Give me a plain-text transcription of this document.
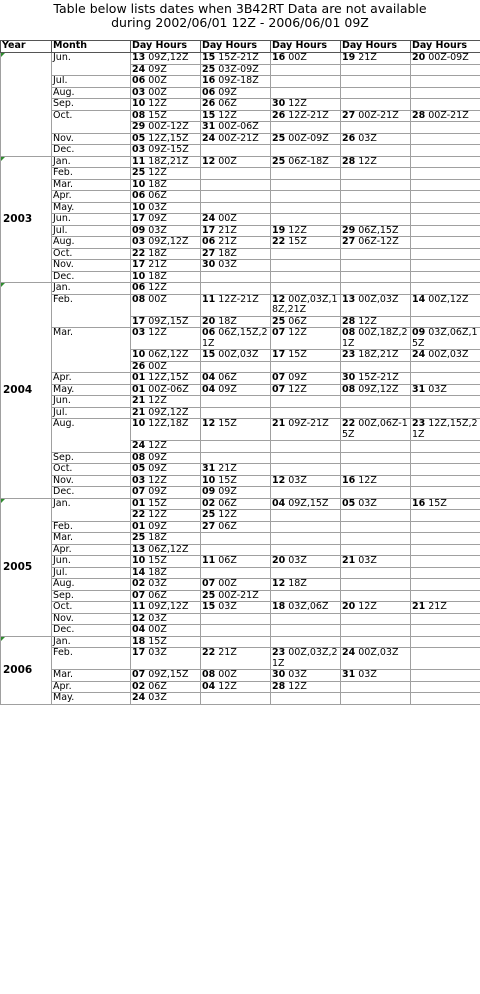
Table below lists dates when 3B42RT Data are not available
during 2002/06/01 12Z - 2006/06/01 09Z
Year	Month	Day Hours	Day Hours	Day Hours	Day Hours	Day Hours

	Jun.	13 09Z,12Z	15 15Z-21Z	16 00Z	19 21Z	20 00Z-09Z
		24 09Z	25 03Z-09Z			
	Jul.	06 00Z	16 09Z-18Z			
	Aug.	03 00Z	06 09Z			
	Sep.	10 12Z	26 06Z	30 12Z		
	Oct.	08 15Z	15 12Z	26 12Z-21Z	27 00Z-21Z	28 00Z-21Z
		29 00Z-12Z	31 00Z-06Z			
	Nov.	05 12Z,15Z	24 00Z-21Z	25 00Z-09Z	26 03Z	
	Dec.	03 09Z-15Z				

2003	Jan.	11 18Z,21Z	12 00Z	25 06Z-18Z	28 12Z	
	Feb.	25 12Z				
	Mar.	10 18Z				
	Apr.	06 06Z				
	May.	10 03Z				
	Jun.	17 09Z	24 00Z			
	Jul.	09 03Z	17 21Z	19 12Z	29 06Z,15Z	
	Aug.	03 09Z,12Z	06 21Z	22 15Z	27 06Z-12Z	
	Oct.	22 18Z	27 18Z			
	Nov.	17 21Z	30 03Z			
	Dec.	10 18Z				

2004	Jan.	06 12Z				
	Feb.	08 00Z	11 12Z-21Z	12 00Z,03Z,18Z,21Z	13 00Z,03Z	14 00Z,12Z
		17 09Z,15Z	20 18Z	25 06Z	28 12Z	
	Mar.	03 12Z	06 06Z,15Z,21Z	07 12Z	08 00Z,18Z,21Z	09 03Z,06Z,15Z
		10 06Z,12Z	15 00Z,03Z	17 15Z	23 18Z,21Z	24 00Z,03Z
		26 00Z				
	Apr.	01 12Z,15Z	04 06Z	07 09Z	30 15Z-21Z	
	May.	01 00Z-06Z	04 09Z	07 12Z	08 09Z,12Z	31 03Z
	Jun.	21 12Z				
	Jul.	21 09Z,12Z				
	Aug.	10 12Z,18Z	12 15Z	21 09Z-21Z	22 00Z,06Z-15Z	23 12Z,15Z,21Z
		24 12Z				
	Sep.	08 09Z				
	Oct.	05 09Z	31 21Z			
	Nov.	03 12Z	10 15Z	12 03Z	16 12Z	
	Dec.	07 09Z	09 09Z			

2005	Jan.	01 15Z	02 06Z	04 09Z,15Z	05 03Z	16 15Z
		22 12Z	25 12Z			
	Feb.	01 09Z	27 06Z			
	Mar.	25 18Z				
	Apr.	13 06Z,12Z				
	Jun.	10 15Z	11 06Z	20 03Z	21 03Z	
	Jul.	14 18Z				
	Aug.	02 03Z	07 00Z	12 18Z		
	Sep.	07 06Z	25 00Z-21Z			
	Oct.	11 09Z,12Z	15 03Z	18 03Z,06Z	20 12Z	21 21Z
	Nov.	12 03Z				
	Dec.	04 00Z				

2006	Jan.	18 15Z				
	Feb.	17 03Z	22 21Z	23 00Z,03Z,21Z	24 00Z,03Z	
	Mar.	07 09Z,15Z	08 00Z	30 03Z	31 03Z	
	Apr.	02 06Z	04 12Z	28 12Z		
	May.	24 03Z				
